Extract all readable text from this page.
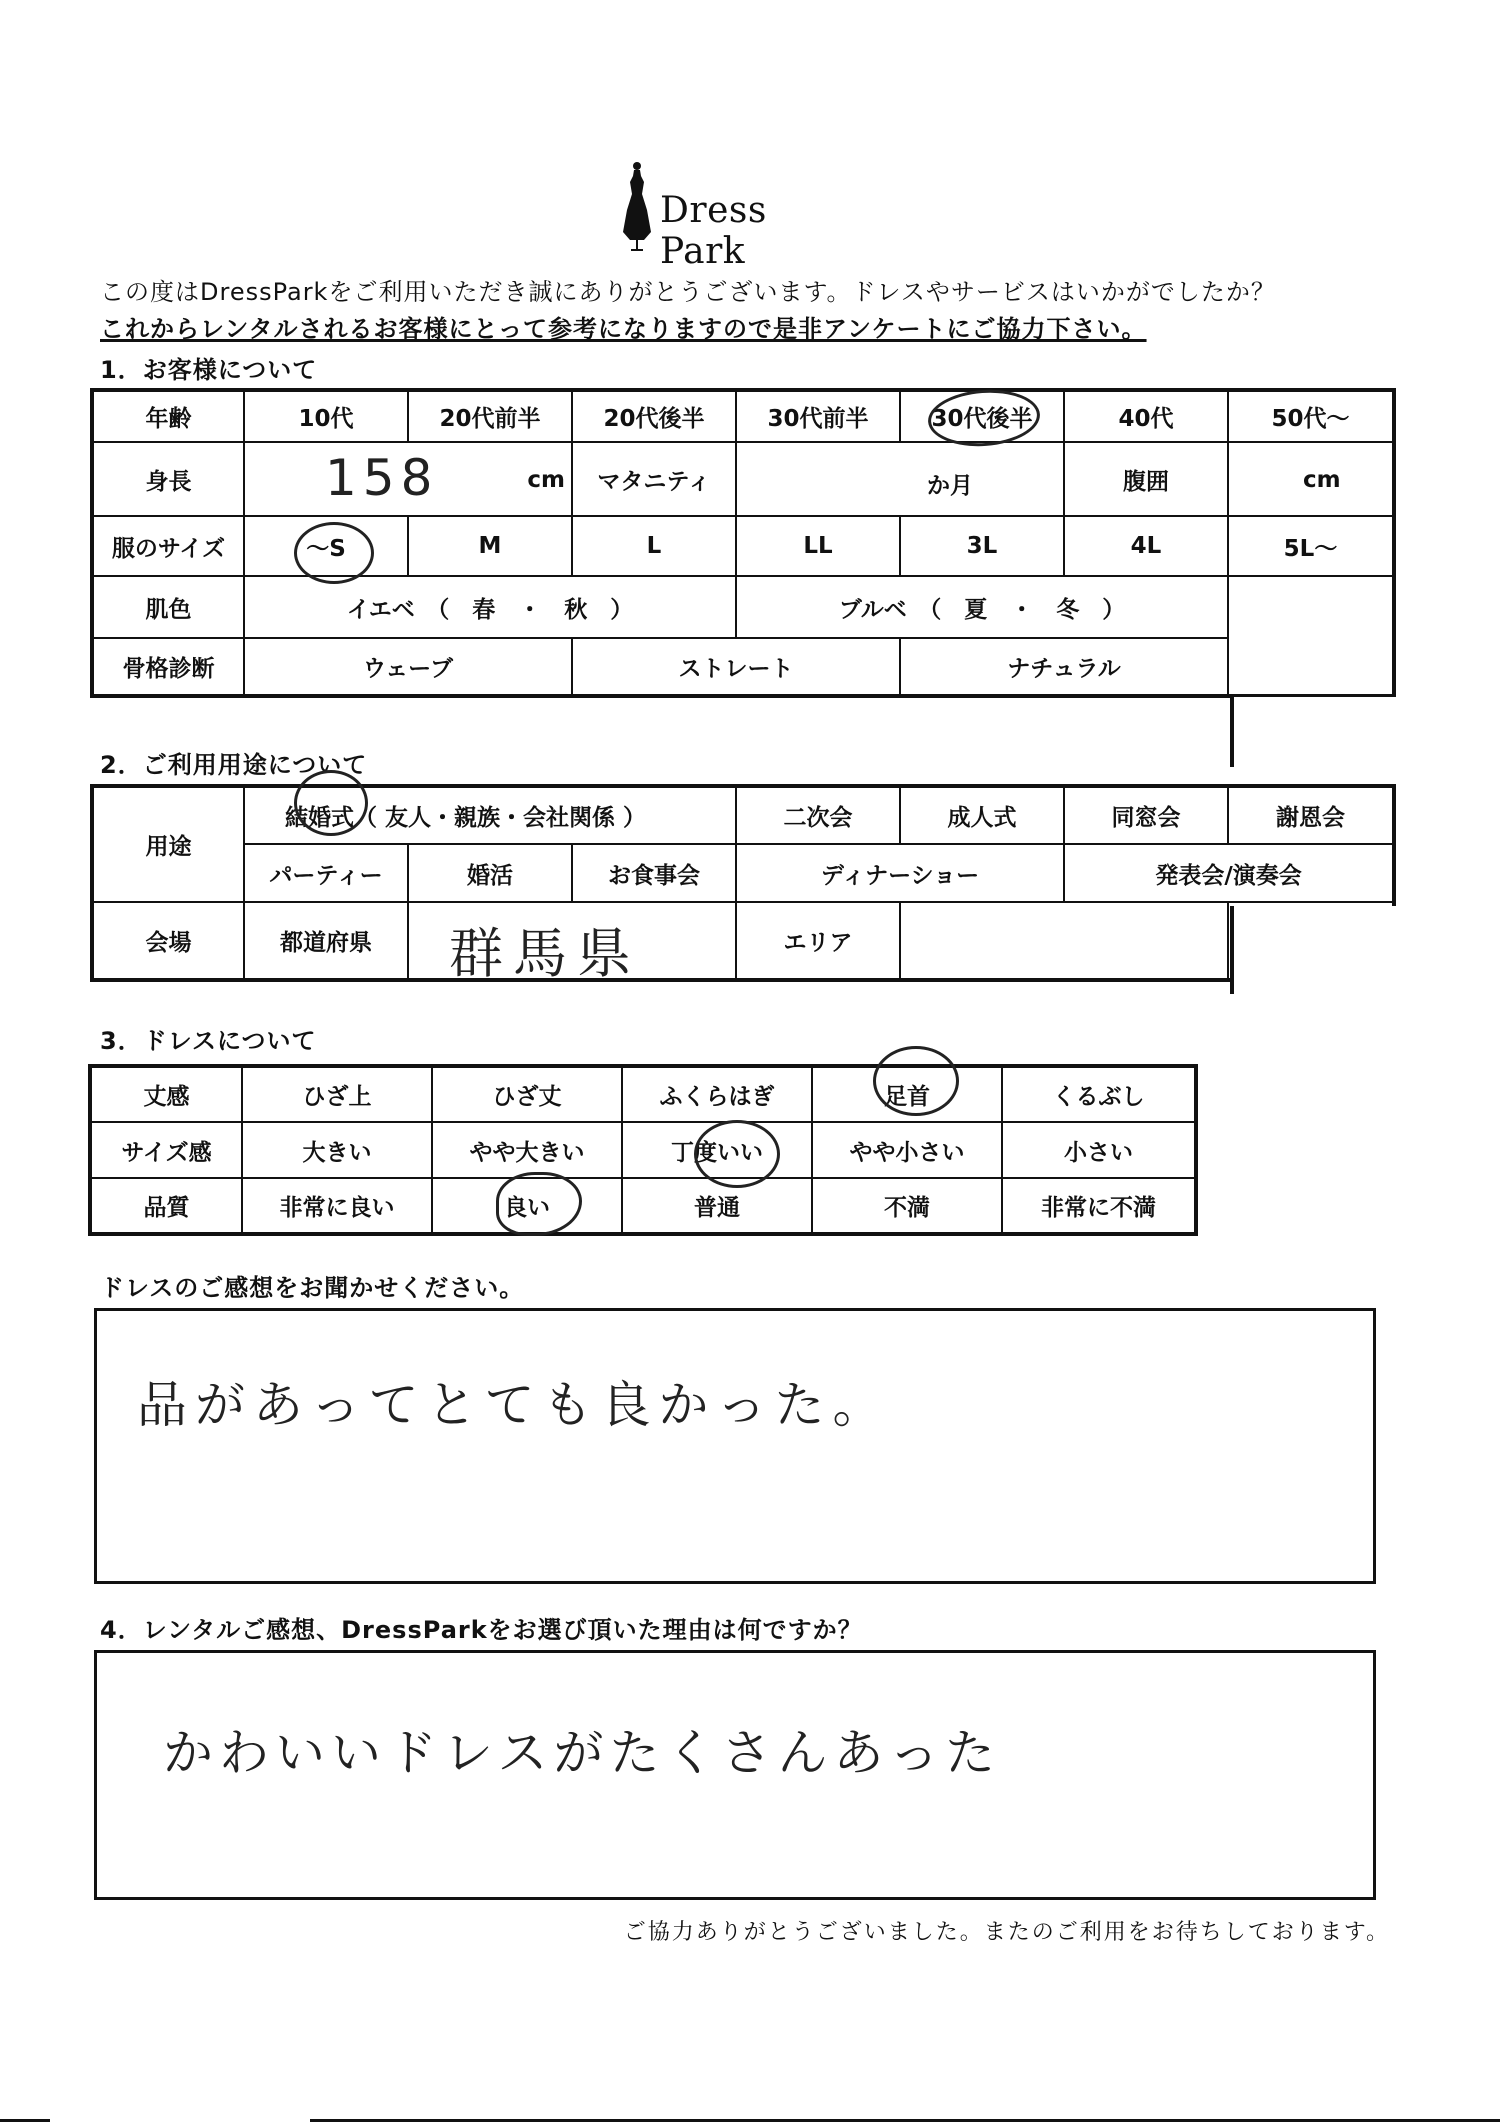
Dress Park
この度はDressParkをご利用いただき誠にありがとうございます。ドレスやサービスはいかがでしたか？
これからレンタルされるお客様にとって参考になりますので是非アンケートにご協力下さい。
1．お客様について
年齢	10代	20代前半	20代後半	30代前半	30代後半	40代	50代～
身長	158 cm		マタニティ	か月		腹囲	cm

服のサイズ	～S	M	L	LL	3L	4L	5L～
肌色	イエベ　（　春　・　秋　）			ブルベ　（　夏　・　冬　）			
骨格診断	ウェーブ		ストレート		ナチュラル		
2．ご利用用途について
用途	結婚式（ 友人・親族・会社関係 ）			二次会	成人式	同窓会	謝恩会
	パーティー	婚活	お食事会	ディナーショー		発表会/演奏会	
会場	都道府県	群馬県		エリア			
3．ドレスについて
丈感	ひざ上	ひざ丈	ふくらはぎ	足首	くるぶし
サイズ感	大きい	やや大きい	丁度いい	やや小さい	小さい
品質	非常に良い	良い	普通	不満	非常に不満
ドレスのご感想をお聞かせください。
品があってとても良かった。
4．レンタルご感想、DressParkをお選び頂いた理由は何ですか？
かわいいドレスがたくさんあった
ご協力ありがとうございました。またのご利用をお待ちしております。
